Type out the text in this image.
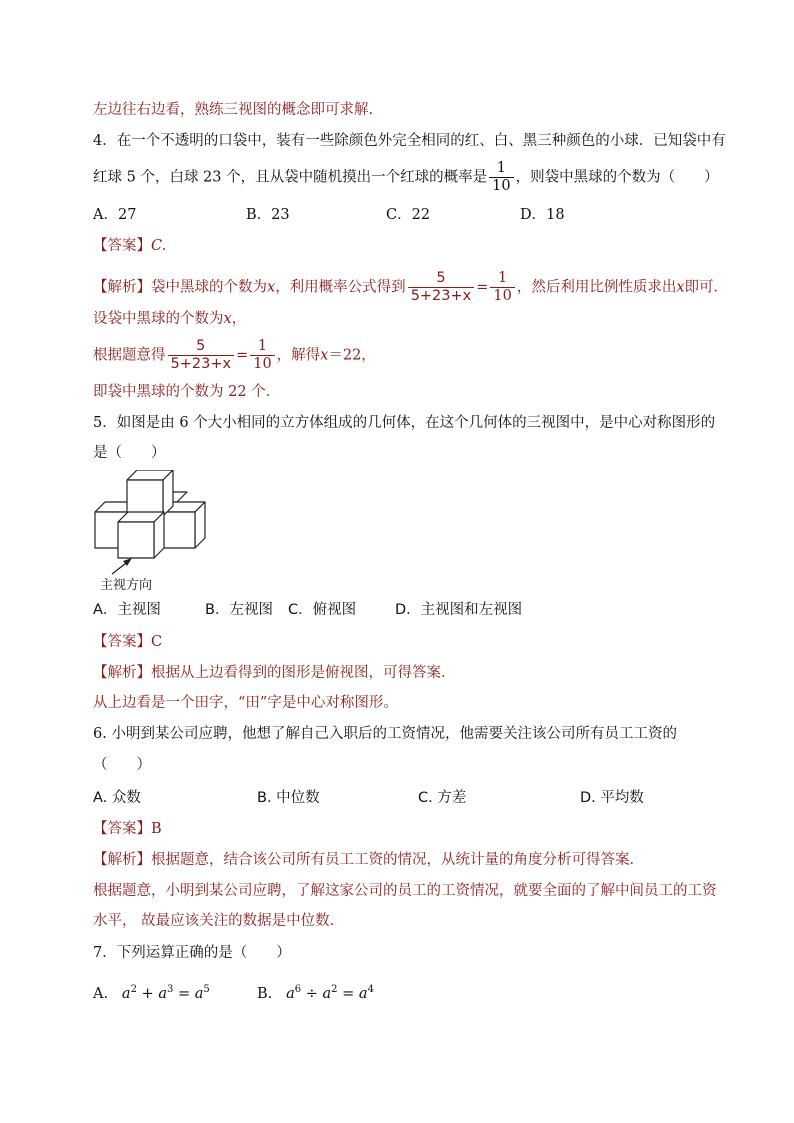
左边往右边看，熟练三视图的概念即可求解.
4．在一个不透明的口袋中，装有一些除颜色外完全相同的红、白、黑三种颜色的小球．已知袋中有
红球 5 个，白球 23 个，且从袋中随机摸出一个红球的概率是 $\frac{1}{10}$ ，则袋中黑球的个数为（　　）
A．27	B．23	C．22	D．18
【答案】C.
【解析】袋中黑球的个数为x，利用概率公式得到 $\frac{5}{5+23+x} = \frac{1}{10}$ ，然后利用比例性质求出x即可．
设袋中黑球的个数为x，
根据题意得 $\frac{5}{5+23+x} = \frac{1}{10}$ ，解得x＝22，
即袋中黑球的个数为 22 个．
5．如图是由 6 个大小相同的立方体组成的几何体，在这个几何体的三视图中，是中心对称图形的
是（　　）
主视方向
A．主视图	B．左视图 C．俯视图	D．主视图和左视图
【答案】C
【解析】根据从上边看得到的图形是俯视图，可得答案．
从上边看是一个田字，“田”字是中心对称图形。
6. 小明到某公司应聘，他想了解自己入职后的工资情况，他需要关注该公司所有员工工资的
（　　）
A. 众数	B. 中位数	C. 方差	D. 平均数
【答案】B
【解析】根据题意，结合该公司所有员工工资的情况，从统计量的角度分析可得答案．
根据题意，小明到某公司应聘，了解这家公司的员工的工资情况，就要全面的了解中间员工的工资
水平， 故最应该关注的数据是中位数.
7．下列运算正确的是（　　）
A. $a^2 + a^3 = a^5$	B. $a^6 \div a^2 = a^4$
